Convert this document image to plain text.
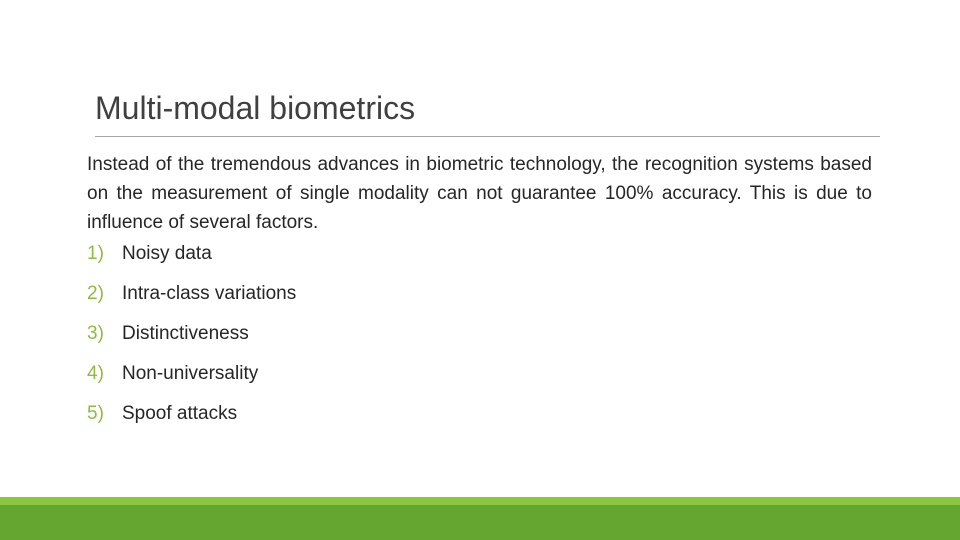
Multi-modal biometrics

Instead of the tremendous advances in biometric technology, the recognition systems based on the measurement of single modality can not guarantee 100% accuracy. This is due to influence of several factors.

1) Noisy data
2) Intra-class variations
3) Distinctiveness
4) Non-universality
5) Spoof attacks
